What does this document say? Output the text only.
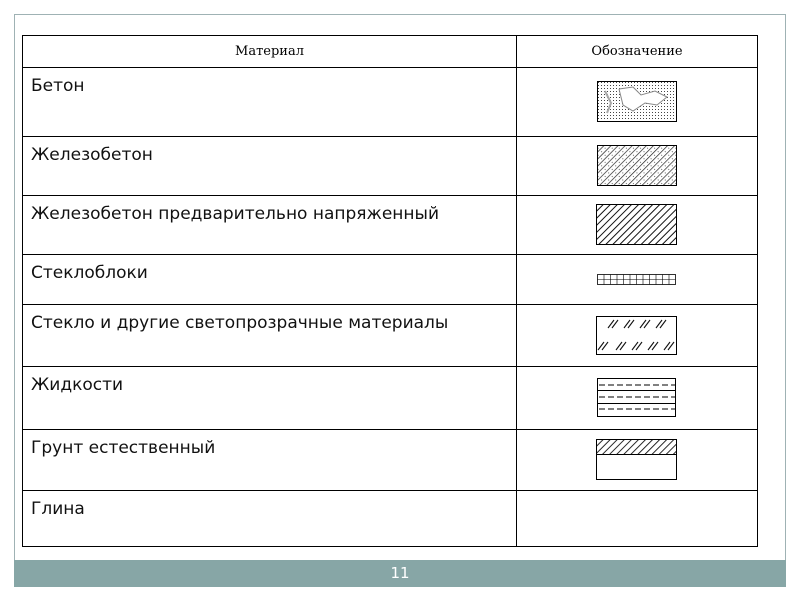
Материал	Обозначение
Бетон	

Железобетон	

Железобетон предварительно напряженный	

Стеклоблоки	

Стекло и другие светопрозрачные материалы	

Жидкости	

Грунт естественный	

Глина	
11
